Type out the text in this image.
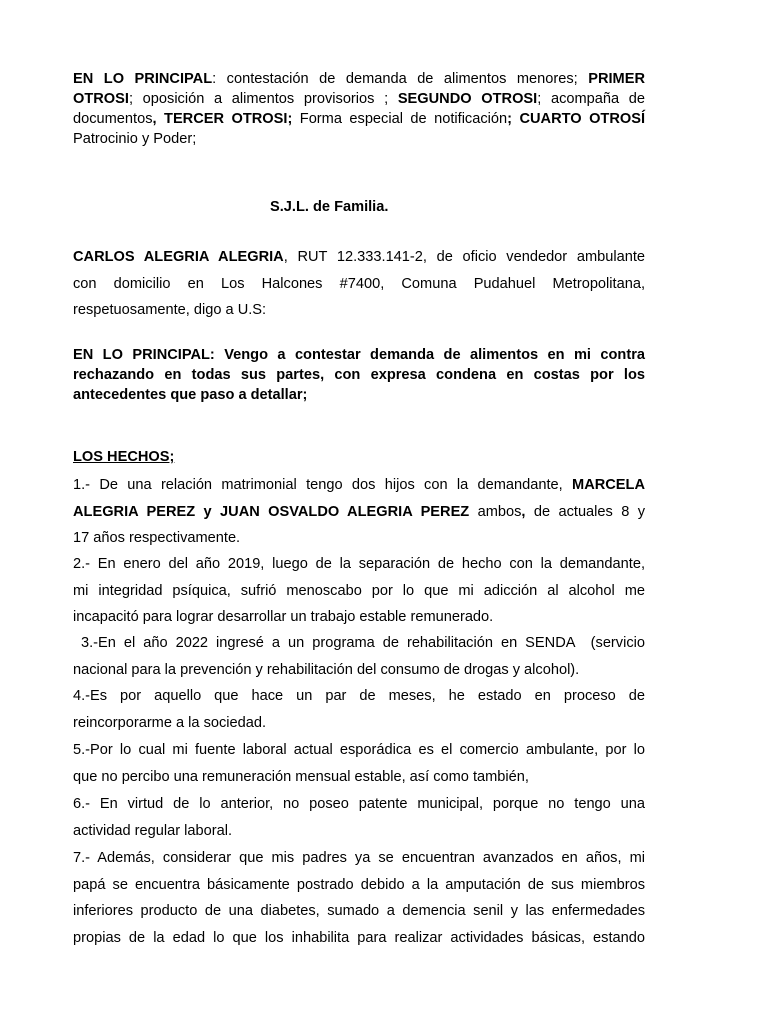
EN LO PRINCIPAL: contestación de demanda de alimentos menores; PRIMER
OTROSI; oposición a alimentos provisorios ; SEGUNDO OTROSI; acompaña de
documentos, TERCER OTROSI; Forma especial de notificación; CUARTO OTROSÍ
Patrocinio y Poder;
S.J.L. de Familia.
CARLOS ALEGRIA ALEGRIA, RUT 12.333.141-2, de oficio vendedor ambulante
con domicilio en Los Halcones #7400, Comuna Pudahuel Metropolitana,
respetuosamente, digo a U.S:
EN LO PRINCIPAL: Vengo a contestar demanda de alimentos en mi contra
rechazando en todas sus partes, con expresa condena en costas por los
antecedentes que paso a detallar;
LOS HECHOS;
1.- De una relación matrimonial tengo dos hijos con la demandante, MARCELA
ALEGRIA PEREZ y JUAN OSVALDO ALEGRIA PEREZ ambos, de actuales 8 y
17 años respectivamente.
2.- En enero del año 2019, luego de la separación de hecho con la demandante,
mi integridad psíquica, sufrió menoscabo por lo que mi adicción al alcohol me
incapacitó para lograr desarrollar un trabajo estable remunerado.
3.-En el año 2022 ingresé a un programa de rehabilitación en SENDA  (servicio
nacional para la prevención y rehabilitación del consumo de drogas y alcohol).
4.-Es por aquello que hace un par de meses, he estado en proceso de
reincorporarme a la sociedad.
5.-Por lo cual mi fuente laboral actual esporádica es el comercio ambulante, por lo
que no percibo una remuneración mensual estable, así como también,
6.- En virtud de lo anterior, no poseo patente municipal, porque no tengo una
actividad regular laboral.
7.- Además, considerar que mis padres ya se encuentran avanzados en años, mi
papá se encuentra básicamente postrado debido a la amputación de sus miembros
inferiores producto de una diabetes, sumado a demencia senil y las enfermedades
propias de la edad lo que los inhabilita para realizar actividades básicas, estando
